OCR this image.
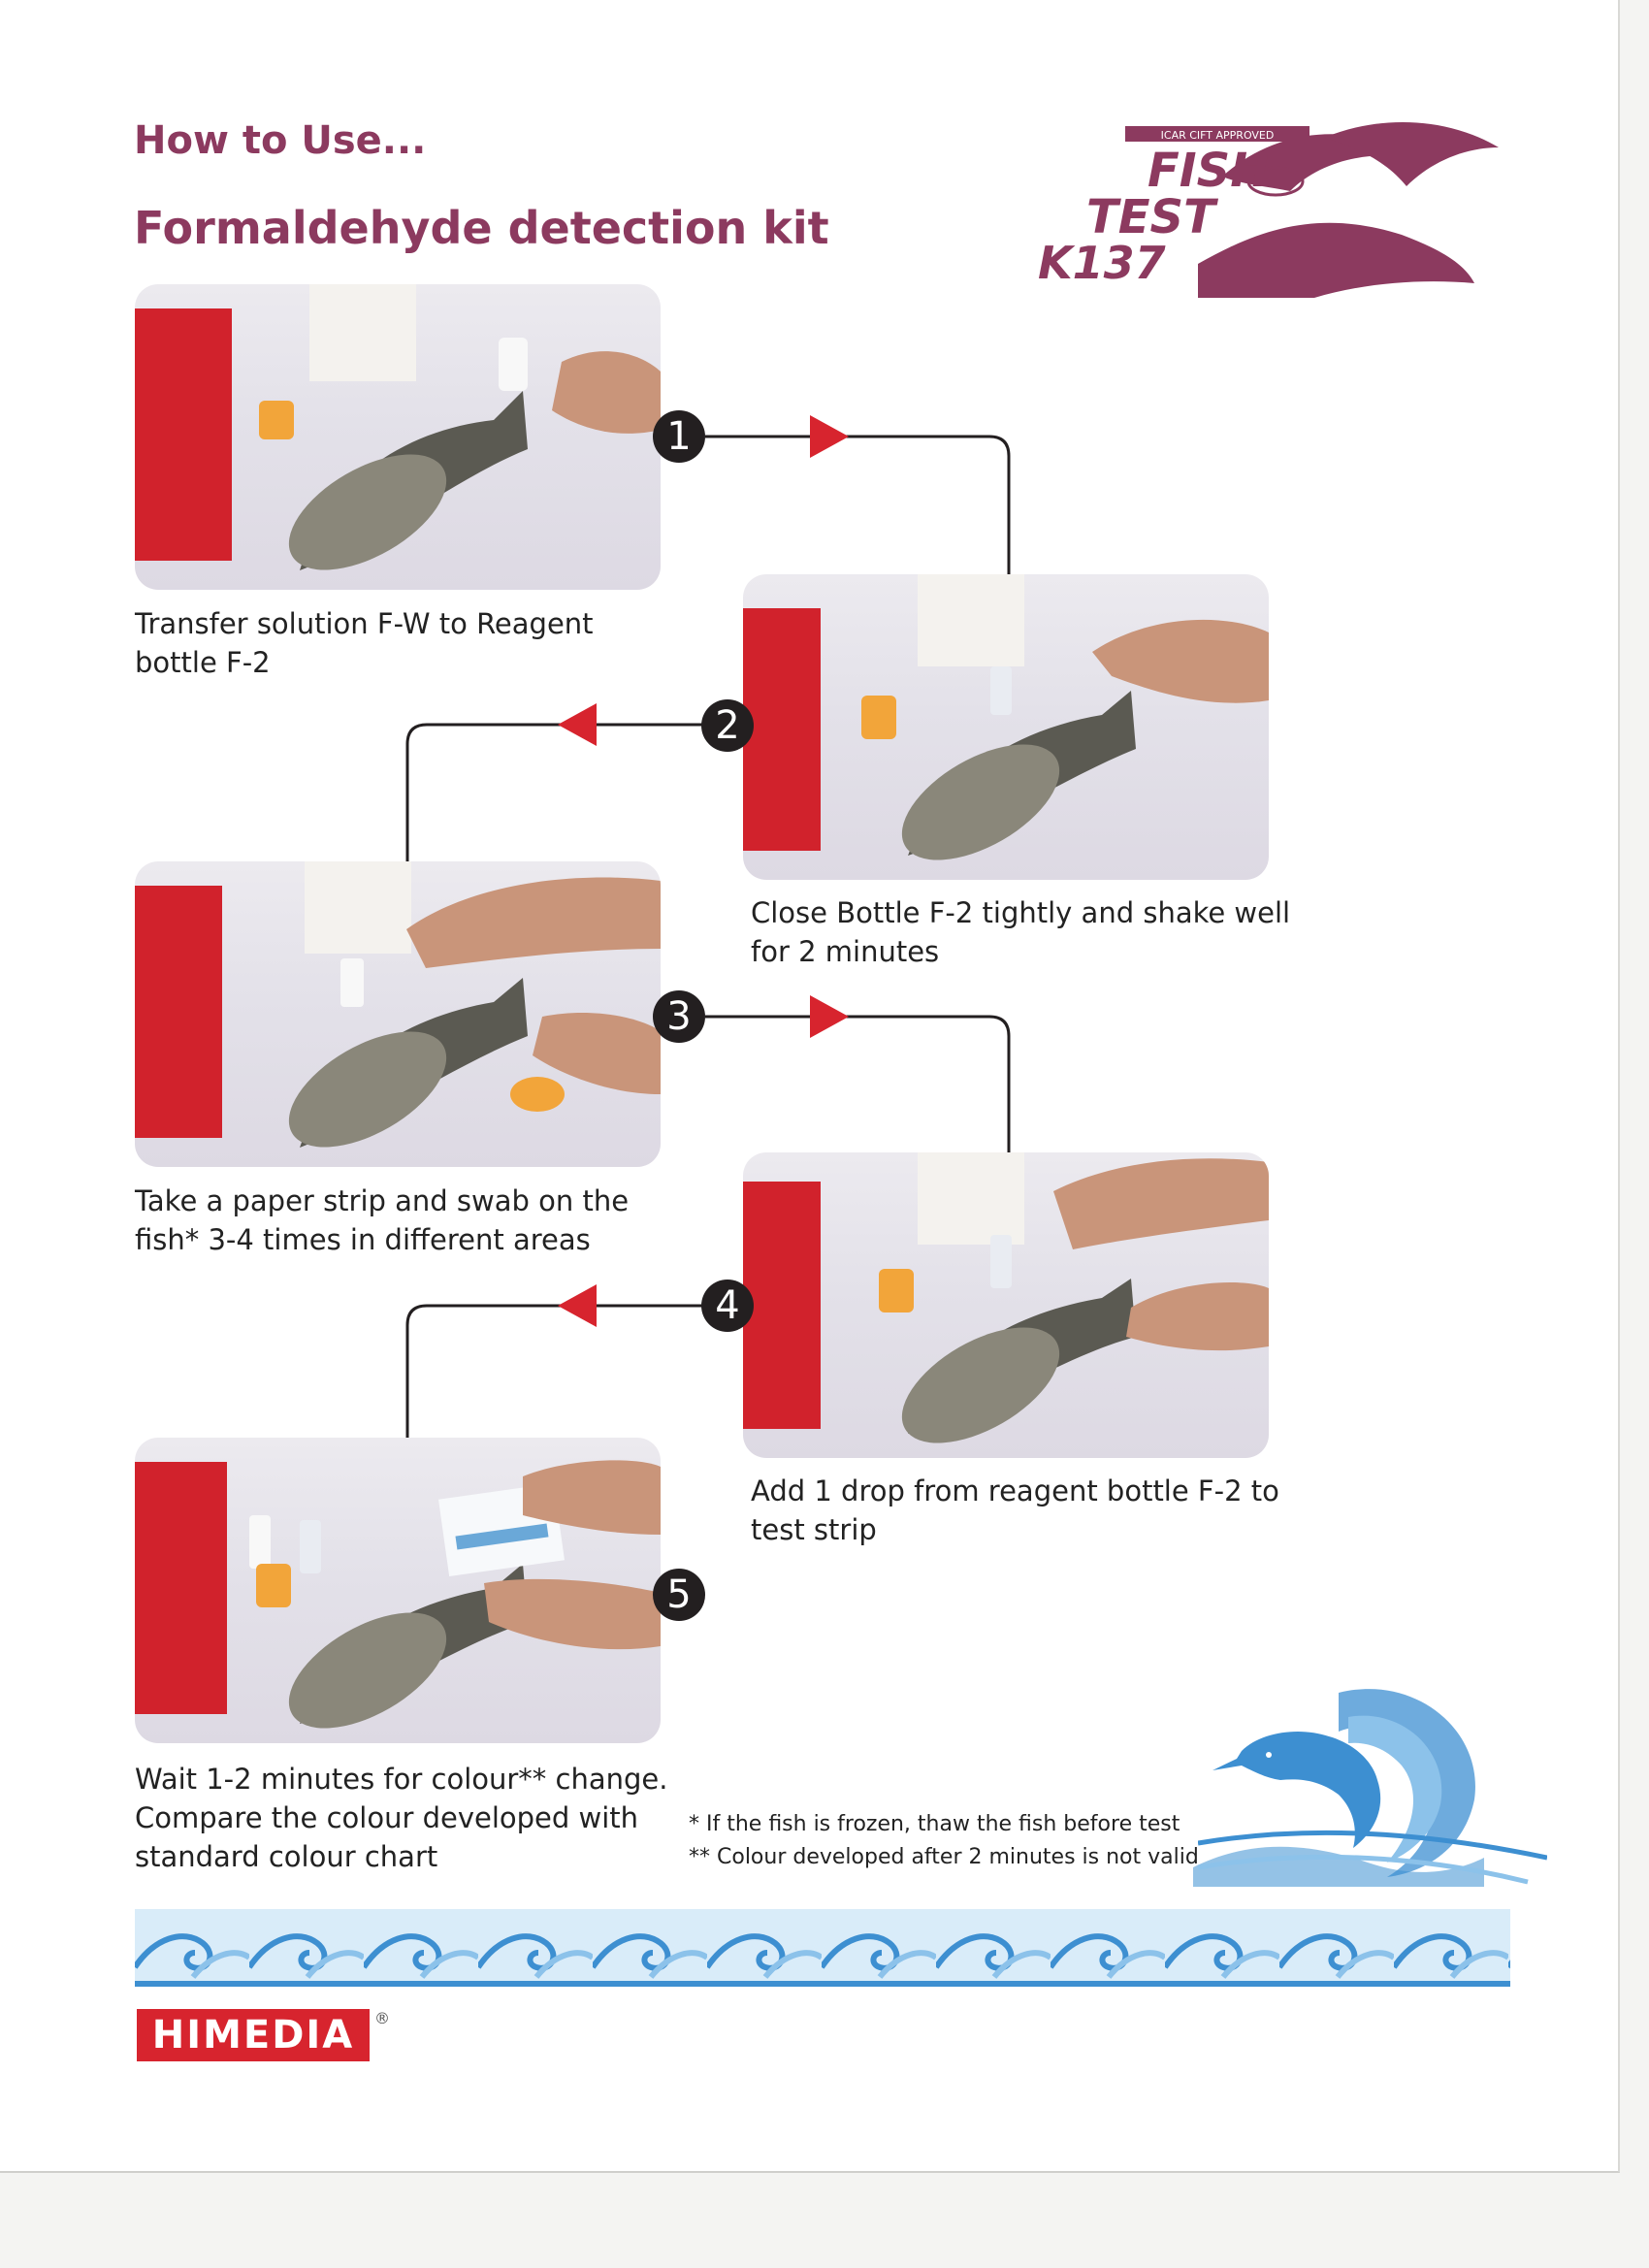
How to Use...
Formaldehyde detection kit
ICAR CIFT APPROVED
FISH
TEST
K137
1
2
3
4
5

Transfer solution F-W to Reagent
bottle F-2

Close Bottle F-2 tightly and shake well
for 2 minutes

Take a paper strip and swab on the
fish* 3-4 times in different areas

Add 1 drop from reagent bottle F-2 to
test strip

Wait 1-2 minutes for colour** change.
Compare the colour developed with
standard colour chart

* If the fish is frozen, thaw the fish before test

** Colour developed after 2 minutes is not valid

HIMEDIA	®
